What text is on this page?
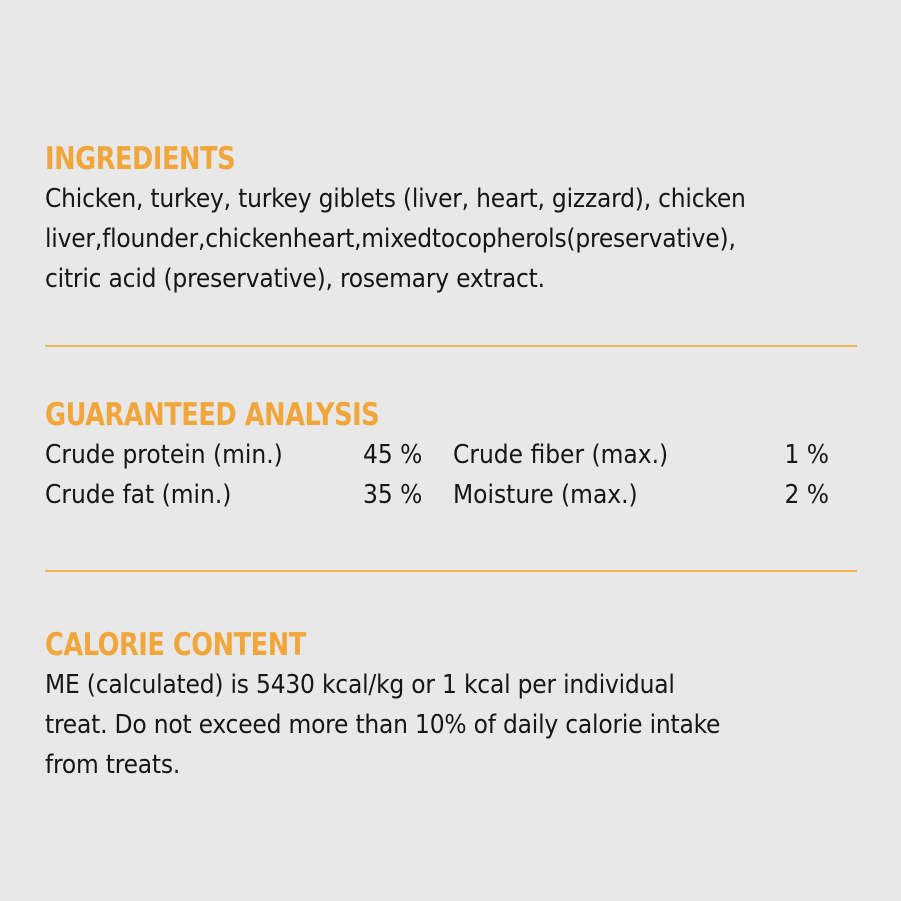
INGREDIENTS
Chicken, turkey, turkey giblets (liver, heart, gizzard), chicken
liver,flounder,chickenheart,mixedtocopherols(preservative),
citric acid (preservative), rosemary extract.
GUARANTEED ANALYSIS
Crude protein (min.)	45 % Crude fiber (max.)	1 %
Crude fat (min.)	35 % Moisture (max.)	2 %
CALORIE CONTENT
ME (calculated) is 5430 kcal/kg or 1 kcal per individual
treat. Do not exceed more than 10% of daily calorie intake
from treats.
